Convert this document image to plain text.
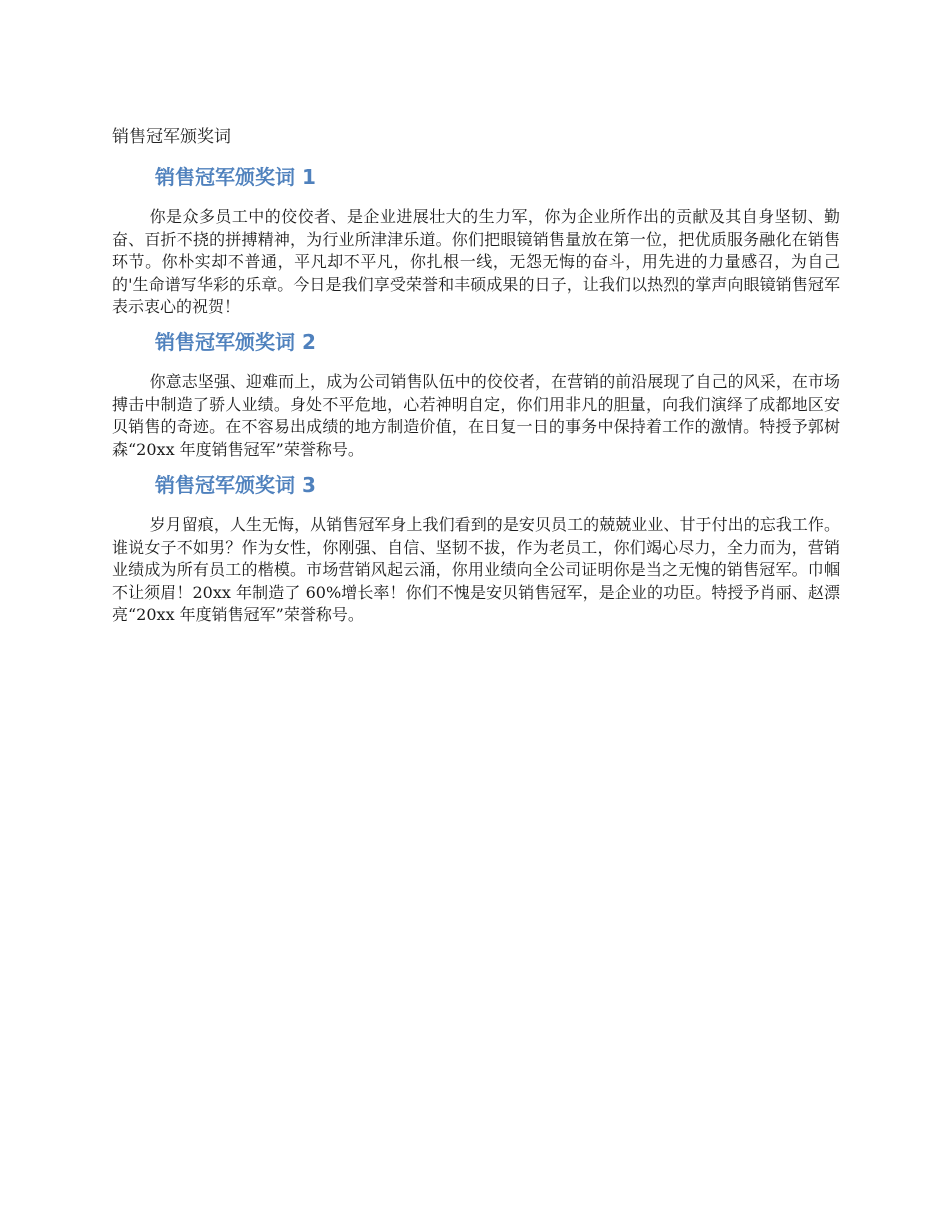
销售冠军颁奖词

销售冠军颁奖词 1

你是众多员工中的佼佼者、是企业进展壮大的生力军，你为企业所作出的贡献及其自身坚韧、勤奋、百折不挠的拼搏精神，为行业所津津乐道。你们把眼镜销售量放在第一位，把优质服务融化在销售环节。你朴实却不普通，平凡却不平凡，你扎根一线，无怨无悔的奋斗，用先进的力量感召，为自己的'生命谱写华彩的乐章。今日是我们享受荣誉和丰硕成果的日子，让我们以热烈的掌声向眼镜销售冠军表示衷心的祝贺！

销售冠军颁奖词 2

你意志坚强、迎难而上，成为公司销售队伍中的佼佼者，在营销的前沿展现了自己的风采，在市场搏击中制造了骄人业绩。身处不平危地，心若神明自定，你们用非凡的胆量，向我们演绎了成都地区安贝销售的奇迹。在不容易出成绩的地方制造价值，在日复一日的事务中保持着工作的激情。特授予郭树森“20xx 年度销售冠军”荣誉称号。

销售冠军颁奖词 3

岁月留痕，人生无悔，从销售冠军身上我们看到的是安贝员工的兢兢业业、甘于付出的忘我工作。谁说女子不如男？作为女性，你刚强、自信、坚韧不拔，作为老员工，你们竭心尽力，全力而为，营销业绩成为所有员工的楷模。市场营销风起云涌，你用业绩向全公司证明你是当之无愧的销售冠军。巾帼不让须眉！20xx 年制造了 60%增长率！你们不愧是安贝销售冠军，是企业的功臣。特授予肖丽、赵漂亮“20xx 年度销售冠军”荣誉称号。
